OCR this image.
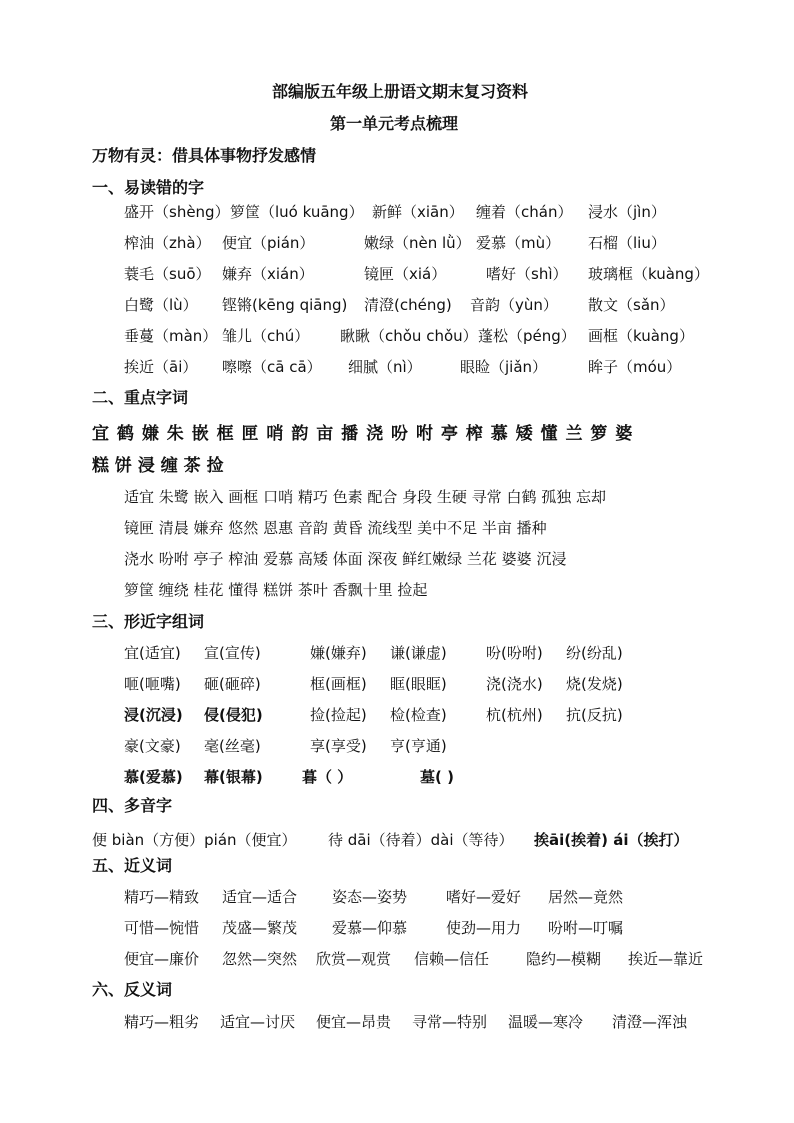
部编版五年级上册语文期末复习资料
第一单元考点梳理
万物有灵：借具体事物抒发感情
一、易读错的字
盛开（shèng） 箩筐（luó kuāng） 新鲜（xiān） 缠着（chán） 浸水（jìn）
榨油（zhà） 便宜（pián）	嫩绿（nèn lǜ） 爱慕（mù） 石榴（liu）
蓑毛（suō） 嫌弃（xián）	镜匣（xiá）	嗜好（shì） 玻璃框（kuàng）
白鹭（lù） 铿锵(kēng qiāng) 清澄(chéng) 音韵（yùn） 散文（sǎn）
垂蔓（màn） 雏儿（chú） 瞅瞅（chǒu chǒu） 蓬松（péng） 画框（kuàng）
挨近（āi） 嚓嚓（cā cā） 细腻（nì）	眼睑（jiǎn）	眸子（móu）
二、重点字词
宜 鹤 嫌 朱 嵌 框 匣 哨 韵 亩 播 浇 吩 咐 亭 榨 慕 矮 懂 兰 箩 婆
糕 饼 浸 缠 茶 捡
适宜 朱鹭 嵌入 画框 口哨 精巧 色素 配合 身段 生硬 寻常 白鹤 孤独 忘却
镜匣 清晨 嫌弃 悠然 恩惠 音韵 黄昏 流线型 美中不足 半亩 播种
浇水 吩咐 亭子 榨油 爱慕 高矮 体面 深夜 鲜红嫩绿 兰花 婆婆 沉浸
箩筐 缠绕 桂花 懂得 糕饼 茶叶 香飘十里 捡起
三、形近字组词
宜(适宜) 宣(宣传)	嫌(嫌弃) 谦(谦虚)	吩(吩咐) 纷(纷乱)
咂(咂嘴) 砸(砸碎)	框(画框) 眶(眼眶)	浇(浇水) 烧(发烧)
浸(沉浸) 侵(侵犯)	捡(捡起) 检(检查)	杭(杭州) 抗(反抗)
豪(文豪) 毫(丝毫)	享(享受) 亨(亨通)
慕(爱慕) 幕(银幕)	暮（ ）	墓( )
四、多音字
便 biàn（方便）pián（便宜） 待 dāi（待着）dài（等待） 挨āi(挨着) ái（挨打）
五、近义词
精巧—精致 适宜—适合 姿态—姿势	嗜好—爱好 居然—竟然
可惜—惋惜 茂盛—繁茂 爱慕—仰慕	使劲—用力 吩咐—叮嘱
便宜—廉价 忽然—突然 欣赏—观赏 信赖—信任 隐约—模糊 挨近—靠近
六、反义词
精巧—粗劣 适宜—讨厌 便宜—昂贵 寻常—特别 温暖—寒冷 清澄—浑浊
